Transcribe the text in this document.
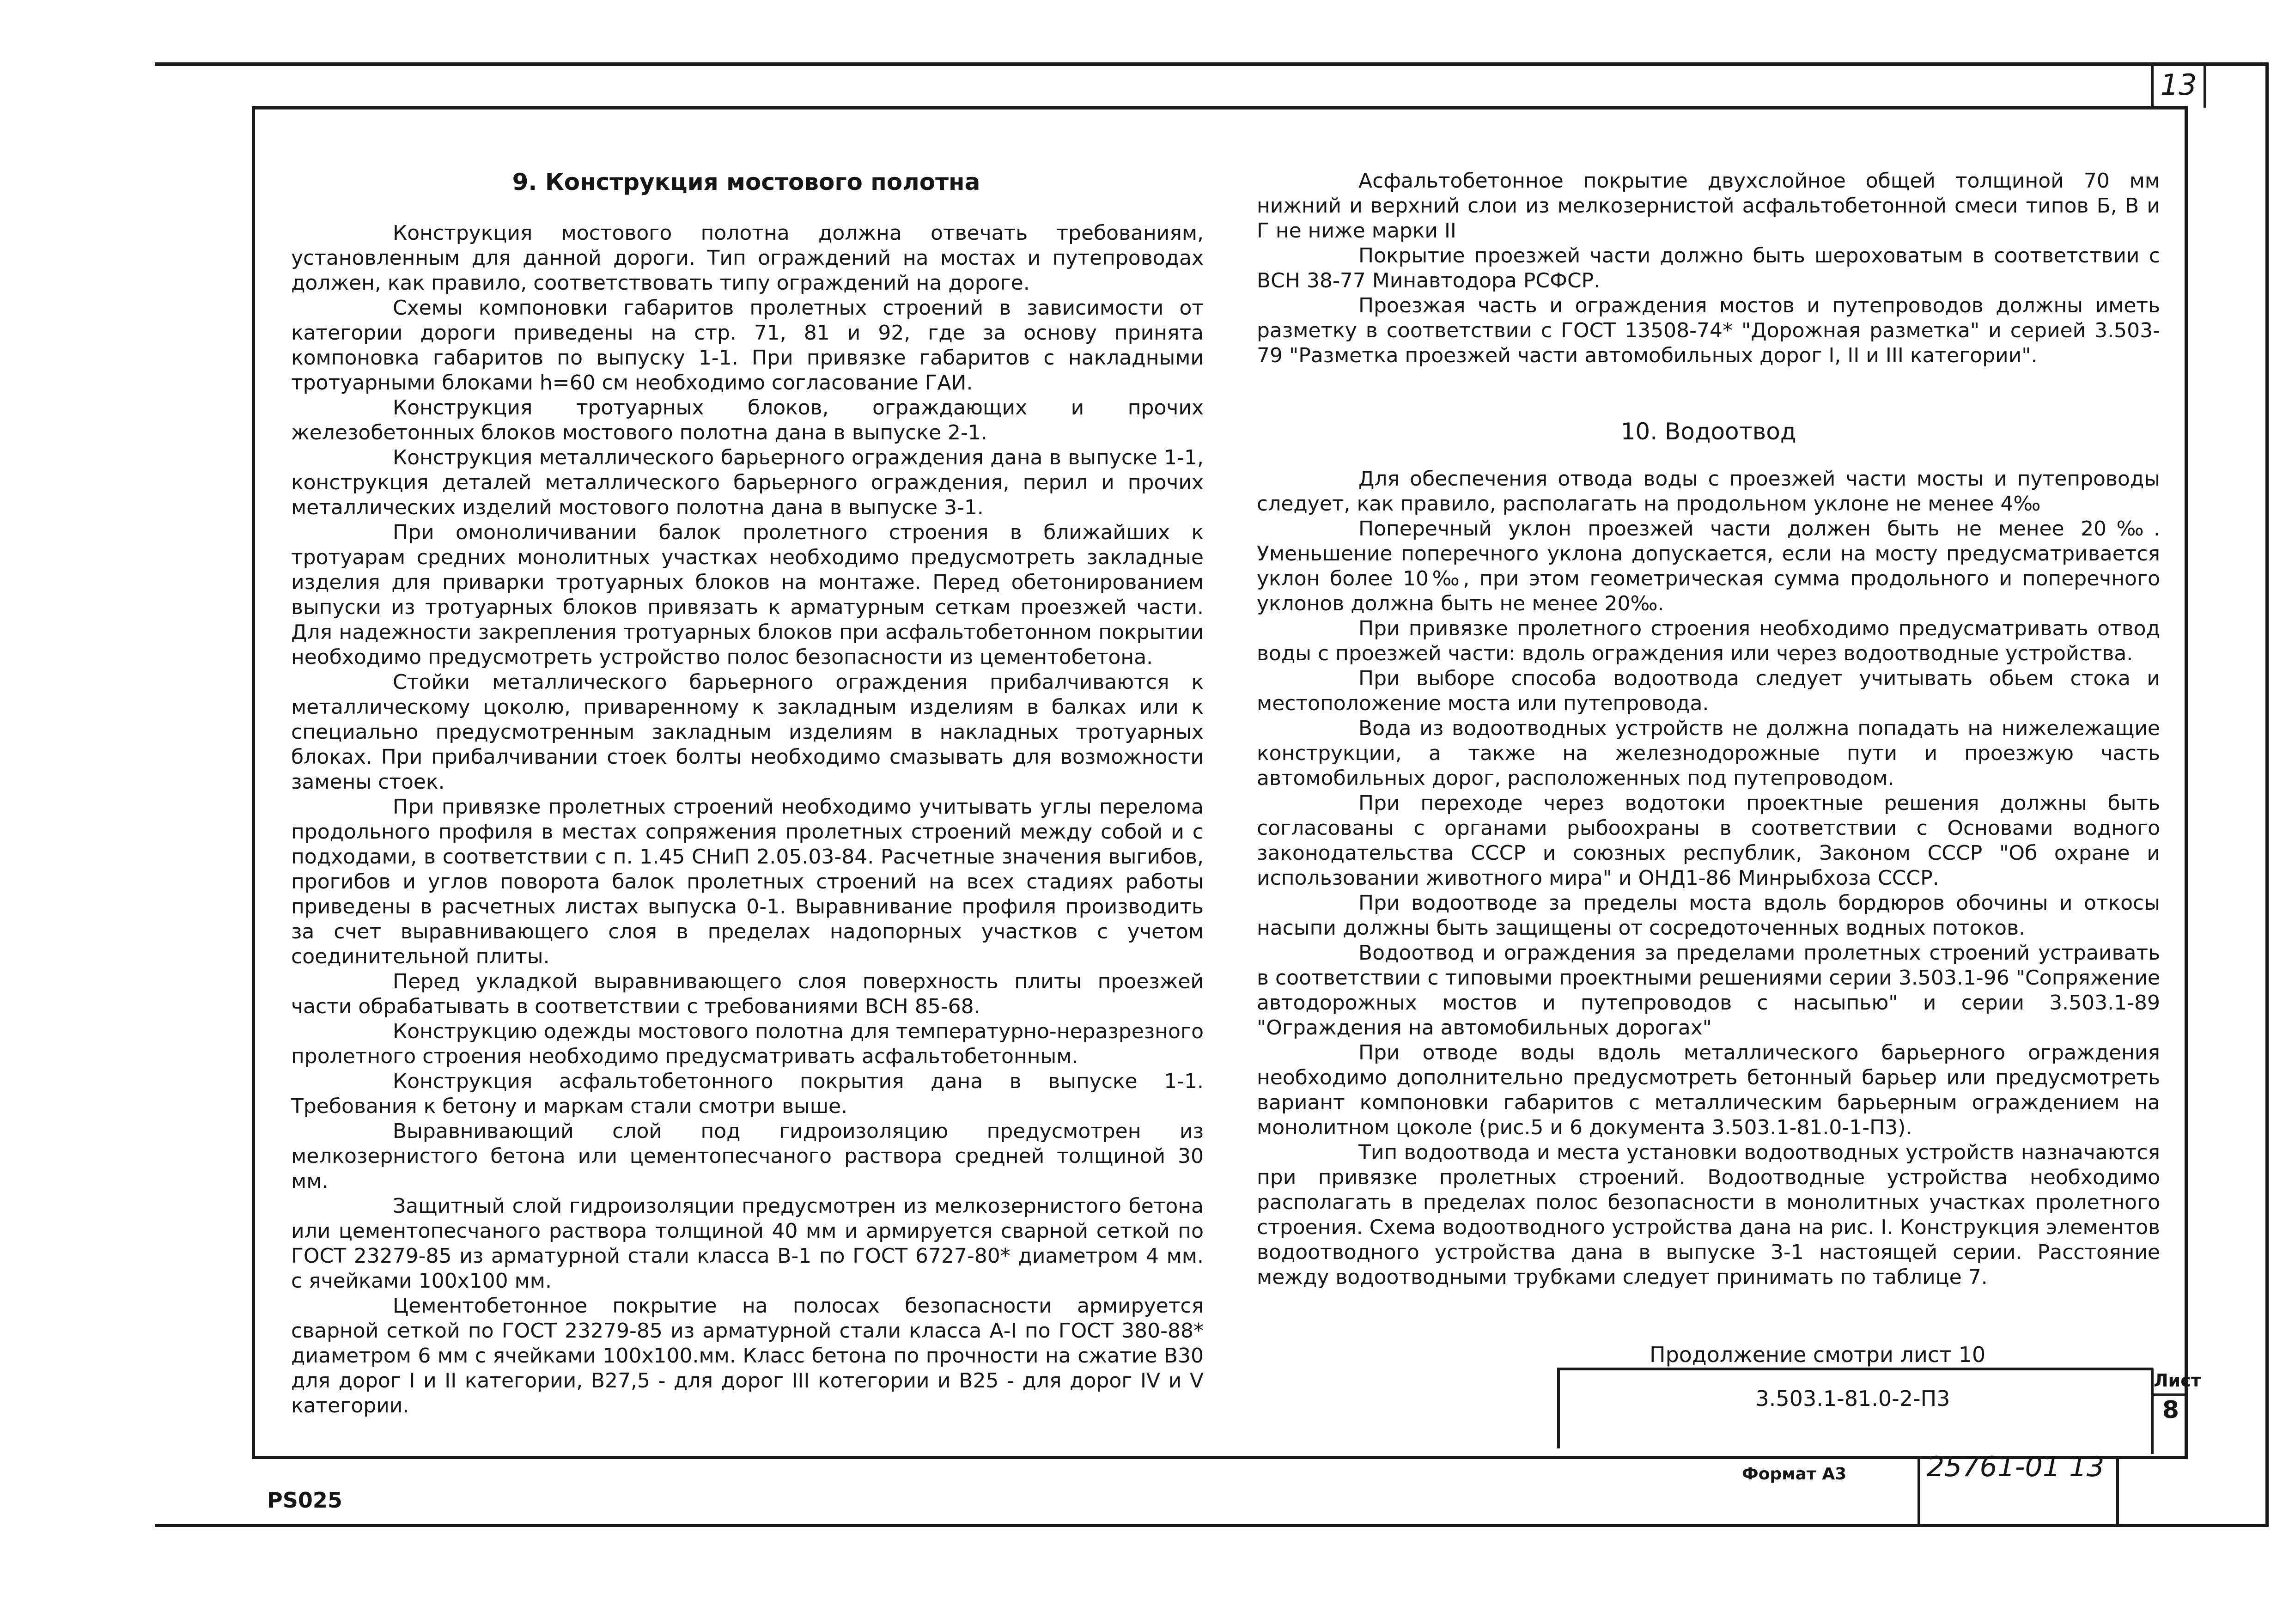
13
9. Конструкция мостового полотна

Конструкция мостового полотна должна отвечать требованиям, установленным для данной дороги. Тип ограждений на мостах и путепроводах должен, как правило, соответствовать типу ограждений на дороге.

Схемы компоновки габаритов пролетных строений в зависимости от категории дороги приведены на стр. 71, 81 и 92, где за основу принята компоновка габаритов по выпуску 1-1. При привязке габаритов с накладными тротуарными блоками h=60 см необходимо согласование ГАИ.

Конструкция тротуарных блоков, ограждающих и прочих железобетонных блоков мостового полотна дана в выпуске 2-1.

Конструкция металлического барьерного ограждения дана в выпуске 1-1, конструкция деталей металлического барьерного ограждения, перил и прочих металлических изделий мостового полотна дана в выпуске 3-1.

При омоноличивании балок пролетного строения в ближайших к тротуарам средних монолитных участках необходимо предусмотреть закладные изделия для приварки тротуарных блоков на монтаже. Перед обетонированием выпуски из тротуарных блоков привязать к арматурным сеткам проезжей части. Для надежности закрепления тротуарных блоков при асфальтобетонном покрытии необходимо предусмотреть устройство полос безопасности из цементобетона.

Стойки металлического барьерного ограждения прибалчиваются к металлическому цоколю, приваренному к закладным изделиям в балках или к специально предусмотренным закладным изделиям в накладных тротуарных блоках. При прибалчивании стоек болты необходимо смазывать для возможности замены стоек.

При привязке пролетных строений необходимо учитывать углы перелома продольного профиля в местах сопряжения пролетных строений между собой и с подходами, в соответствии с п. 1.45 СНиП 2.05.03-84. Расчетные значения выгибов, прогибов и углов поворота балок пролетных строений на всех стадиях работы приведены в расчетных листах выпуска 0-1. Выравнивание профиля производить за счет выравнивающего слоя в пределах надопорных участков с учетом соединительной плиты.

Перед укладкой выравнивающего слоя поверхность плиты проезжей части обрабатывать в соответствии с требованиями ВСН 85-68.

Конструкцию одежды мостового полотна для температурно-неразрезного пролетного строения необходимо предусматривать асфальтобетонным.

Конструкция асфальтобетонного покрытия дана в выпуске 1-1. Требования к бетону и маркам стали смотри выше.

Выравнивающий слой под гидроизоляцию предусмотрен из мелкозернистого бетона или цементопесчаного раствора средней толщиной 30 мм.

Защитный слой гидроизоляции предусмотрен из мелкозернистого бетона или цементопесчаного раствора толщиной 40 мм и армируется сварной сеткой по ГОСТ 23279-85 из арматурной стали класса В-1 по ГОСТ 6727-80* диаметром 4 мм. с ячейками 100х100 мм.

Цементобетонное покрытие на полосах безопасности армируется сварной сеткой по ГОСТ 23279-85 из арматурной стали класса А-I по ГОСТ 380-88* диаметром 6 мм с ячейками 100х100.мм. Класс бетона по прочности на сжатие В30 для дорог I и II категории, В27,5 - для дорог III котегории и В25 - для дорог IV и V категории.

Асфальтобетонное покрытие двухслойное общей толщиной 70 мм нижний и верхний слои из мелкозернистой асфальтобетонной смеси типов Б, В и Г не ниже марки II

Покрытие проезжей части должно быть шероховатым в соответствии с ВСН 38-77 Минавтодора РСФСР.

Проезжая часть и ограждения мостов и путепроводов должны иметь разметку в соответствии с ГОСТ 13508-74* "Дорожная разметка" и серией 3.503-79 "Разметка проезжей части автомобильных дорог I, II и III категории".

10. Водоотвод

Для обеспечения отвода воды с проезжей части мосты и путепроводы следует, как правило, располагать на продольном уклоне не менее 4‰

Поперечный уклон проезжей части должен быть не менее 20‰. Уменьшение поперечного уклона допускается, если на мосту предусматривается уклон более 10‰, при этом геометрическая сумма продольного и поперечного уклонов должна быть не менее 20‰.

При привязке пролетного строения необходимо предусматривать отвод воды с проезжей части: вдоль ограждения или через водоотводные устройства.

При выборе способа водоотвода следует учитывать обьем стока и местоположение моста или путепровода.

Вода из водоотводных устройств не должна попадать на нижележащие конструкции, а также на железнодорожные пути и проезжую часть автомобильных дорог, расположенных под путепроводом.

При переходе через водотоки проектные решения должны быть согласованы с органами рыбоохраны в соответствии с Основами водного законодательства СССР и союзных республик, Законом СССР "Об охране и использовании животного мира" и ОНД1-86 Минрыбхоза СССР.

При водоотводе за пределы моста вдоль бордюров обочины и откосы насыпи должны быть защищены от сосредоточенных водных потоков.

Водоотвод и ограждения за пределами пролетных строений устраивать в соответствии с типовыми проектными решениями серии 3.503.1-96 "Сопряжение автодорожных мостов и путепроводов с насыпью" и серии 3.503.1-89 "Ограждения на автомобильных дорогах"

При отводе воды вдоль металлического барьерного ограждения необходимо дополнительно предусмотреть бетонный барьер или предусмотреть вариант компоновки габаритов с металлическим барьерным ограждением на монолитном цоколе (рис.5 и 6 документа 3.503.1-81.0-1-П3).

Тип водоотвода и места установки водоотводных устройств назначаются при привязке пролетных строений. Водоотводные устройства необходимо располагать в пределах полос безопасности в монолитных участках пролетного строения. Схема водоотводного устройства дана на рис. I. Конструкция элементов водоотводного устройства дана в выпуске 3-1 настоящей серии. Расстояние между водоотводными трубками следует принимать по таблице 7.

Продолжение смотри лист 10
3.503.1-81.0-2-П3
Лист
8
Формат А3	25761-01 13
PS025
